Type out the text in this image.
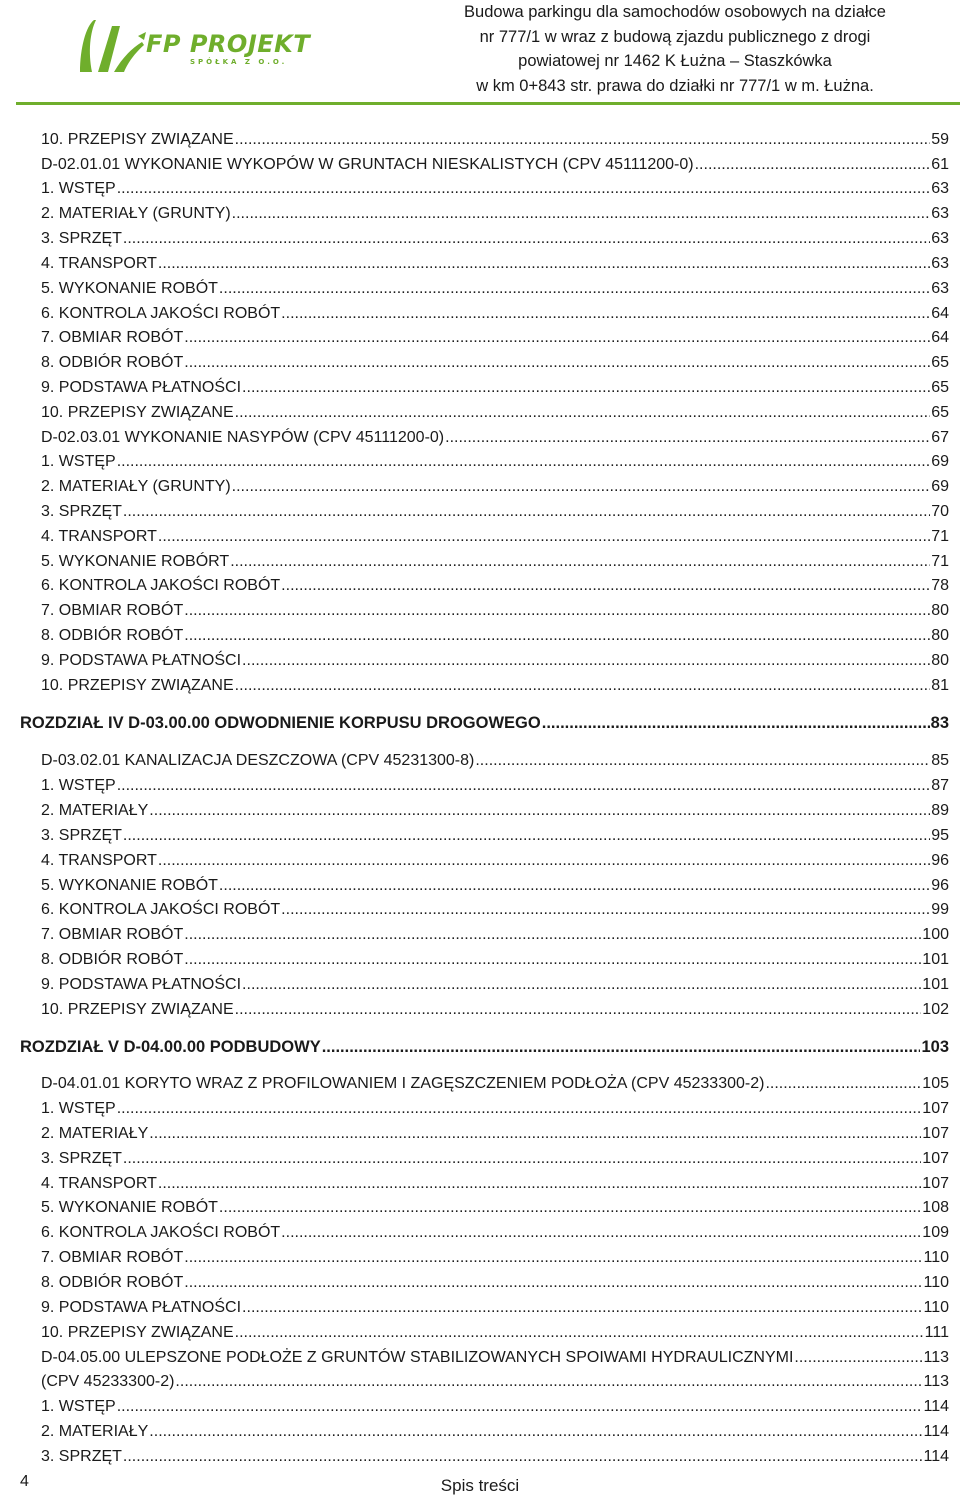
FP PROJEKT
SPÓŁKA Z O.O.
Budowa parkingu dla samochodów osobowych na działce
nr 777/1 w wraz z budową zjazdu publicznego z drogi
powiatowej nr 1462 K Łużna – Staszkówka
w km 0+843 str. prawa do działki nr 777/1 w m. Łużna.
10. PRZEPISY ZWIĄZANE .....	59
D-02.01.01 WYKONANIE WYKOPÓW W GRUNTACH NIESKALISTYCH (CPV 45111200-0) .....	61
1. WSTĘP .....	63
2. MATERIAŁY (GRUNTY) .....	63
3. SPRZĘT .....	63
4. TRANSPORT .....	63
5. WYKONANIE ROBÓT .....	63
6. KONTROLA JAKOŚCI ROBÓT .....	64
7. OBMIAR ROBÓT .....	64
8. ODBIÓR ROBÓT .....	65
9. PODSTAWA PŁATNOŚCI .....	65
10. PRZEPISY ZWIĄZANE .....	65
D-02.03.01 WYKONANIE NASYPÓW (CPV 45111200-0) .....	67
1. WSTĘP .....	69
2. MATERIAŁY (GRUNTY) .....	69
3. SPRZĘT .....	70
4. TRANSPORT .....	71
5. WYKONANIE ROBÓRT .....	71
6. KONTROLA JAKOŚCI ROBÓT .....	78
7. OBMIAR ROBÓT .....	80
8. ODBIÓR ROBÓT .....	80
9. PODSTAWA PŁATNOŚCI .....	80
10. PRZEPISY ZWIĄZANE .....	81
ROZDZIAŁ IV D-03.00.00 ODWODNIENIE KORPUSU DROGOWEGO .....	83
D-03.02.01 KANALIZACJA DESZCZOWA (CPV 45231300-8) .....	85
1. WSTĘP .....	87
2. MATERIAŁY .....	89
3. SPRZĘT .....	95
4. TRANSPORT .....	96
5. WYKONANIE ROBÓT .....	96
6. KONTROLA JAKOŚCI ROBÓT .....	99
7. OBMIAR ROBÓT .....	100
8. ODBIÓR ROBÓT .....	101
9. PODSTAWA PŁATNOŚCI .....	101
10. PRZEPISY ZWIĄZANE .....	102
ROZDZIAŁ V D-04.00.00 PODBUDOWY .....	103
D-04.01.01 KORYTO WRAZ Z PROFILOWANIEM I ZAGĘSZCZENIEM PODŁOŻA (CPV 45233300-2) .....	105
1. WSTĘP .....	107
2. MATERIAŁY .....	107
3. SPRZĘT .....	107
4. TRANSPORT .....	107
5. WYKONANIE ROBÓT .....	108
6. KONTROLA JAKOŚCI ROBÓT .....	109
7. OBMIAR ROBÓT .....	110
8. ODBIÓR ROBÓT .....	110
9. PODSTAWA PŁATNOŚCI .....	110
10. PRZEPISY ZWIĄZANE .....	111
D-04.05.00 ULEPSZONE PODŁOŻE Z GRUNTÓW STABILIZOWANYCH SPOIWAMI HYDRAULICZNYMI .....	113
(CPV 45233300-2) .....	113
1. WSTĘP .....	114
2. MATERIAŁY .....	114
3. SPRZĘT .....	114
4	Spis treści
